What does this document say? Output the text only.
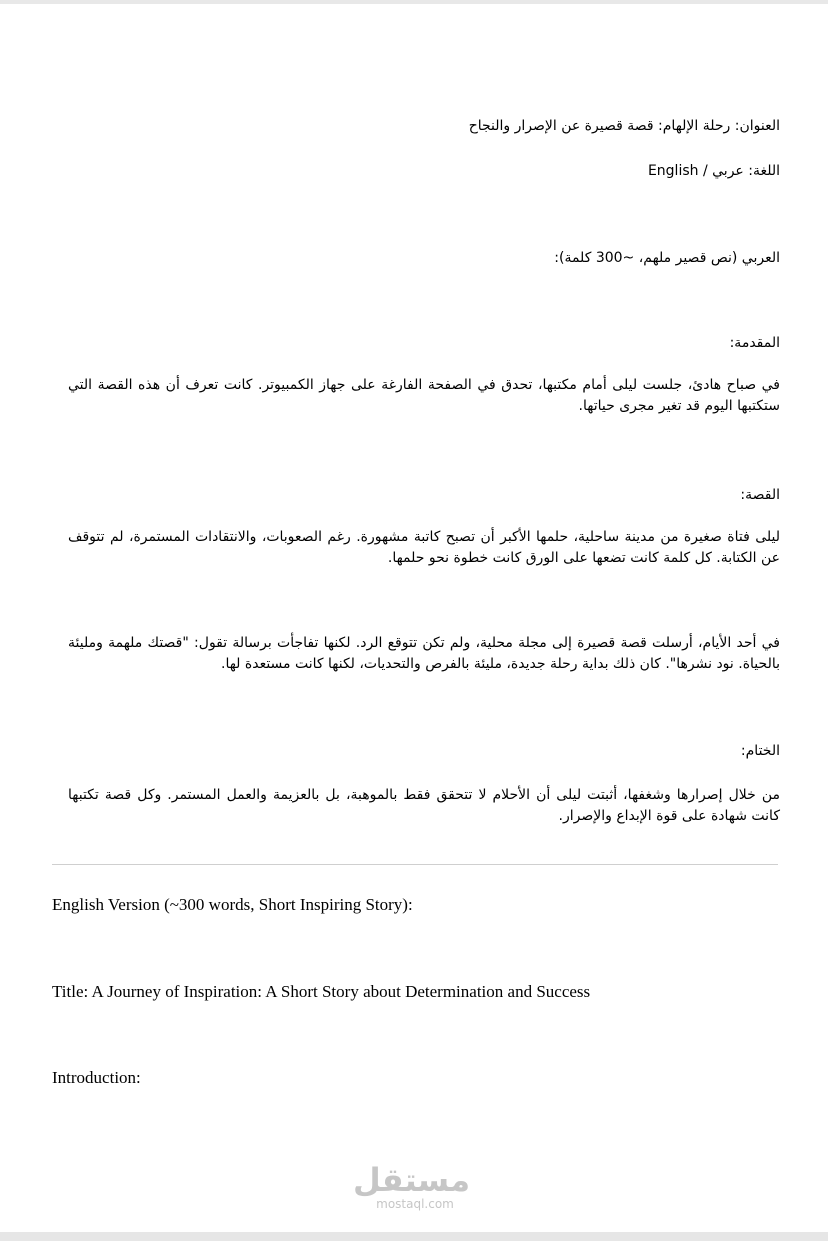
العنوان: رحلة الإلهام: قصة قصيرة عن الإصرار والنجاح

اللغة: عربي / English

العربي (نص قصير ملهم، ~300 كلمة):

المقدمة:

في صباح هادئ، جلست ليلى أمام مكتبها، تحدق في الصفحة الفارغة على جهاز الكمبيوتر. كانت تعرف أن هذه القصة التي ستكتبها اليوم قد تغير مجرى حياتها.

القصة:

ليلى فتاة صغيرة من مدينة ساحلية، حلمها الأكبر أن تصبح كاتبة مشهورة. رغم الصعوبات، والانتقادات المستمرة، لم تتوقف عن الكتابة. كل كلمة كانت تضعها على الورق كانت خطوة نحو حلمها.

في أحد الأيام، أرسلت قصة قصيرة إلى مجلة محلية، ولم تكن تتوقع الرد. لكنها تفاجأت برسالة تقول: "قصتك ملهمة ومليئة بالحياة. نود نشرها". كان ذلك بداية رحلة جديدة، مليئة بالفرص والتحديات، لكنها كانت مستعدة لها.

الختام:

من خلال إصرارها وشغفها، أثبتت ليلى أن الأحلام لا تتحقق فقط بالموهبة، بل بالعزيمة والعمل المستمر. وكل قصة تكتبها كانت شهادة على قوة الإبداع والإصرار.

English Version (~300 words, Short Inspiring Story):

Title: A Journey of Inspiration: A Short Story about Determination and Success

Introduction:

مستقل
mostaql.com
